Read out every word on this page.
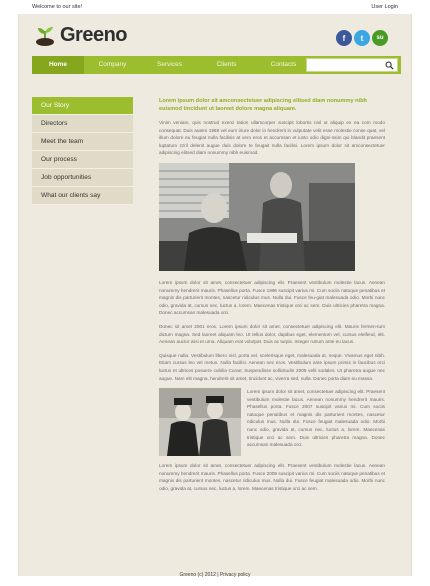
Welcome to our site!	User Login
Greeno	f	t	su
Home	Company	Services	Clients	Contacts
Our Story
Directors
Meet the team
Our process
Job opportunities
What our clients say

Lorem ipsum dolor sit amconsectetuer adipiscing elitsed diam nonummy nibh euismod tincidunt ut laoreet dolore magna aliquam.

Vinim veniam, quis nostrud exerci tation ullamcorper suscipit lobortis nisl ut aliquip ex ea com modo consequat. Duis autem 1968 vel eum iriure dolor in hendrerit in vulputate velit esse molestie conse quat, vel illum dolore eu feugiat nulla facilisis at vero eros et accumsan et iusto odio digni-ssim qui blandit praesent luptatum zzril delenit augue duis dolore te feugait nulla facilisi. Lorem ipsum dolor sit amconsectetuer adipiscing elitsed diam nonummy nibh euismod.

Lorem ipsum dolor sit amet, consectetuer adipiscing elit. Praesent vestibulum molestie lacus. Aenean nonummy hendrerit mauris. Phasellus porta. Fusce 1996 suscipit varius mi. Cum sociis natoque penatibus et magnis dis parturient montes, nascetur ridiculus mus. Nulla dui. Fusce feu-giat malesuada odio. Morbi nunc odio, gravida at, cursus nec, luctus a, lorem. Maecenas tristique orci ac sem. Duis ultricies pharetra magna. Donec accumsan malesuada orci.

Donec sit amet 2001 eros. Lorem ipsum dolor sit amet, consectetuer adipiscing elit. Mauris fermen-tum dictum magna. Sed laoreet aliquam leo. Ut tellus dolor, dapibus eget, elementum vel, cursus eleifend, elit. Aenean auctor wisi et urna. Aliquam erat volutpat. Duis ac turpis. Integer rutrum ante eu lacus.

Quisque nulla. Vestibulum libero nisl, porta vel, scelerisque eget, malesuada at, neque. Vivamus eget nibh. Etiam cursus leo vel metus. Nulla facilisi. Aenean nec eros. Vestibulum ante ipsum primis in faucibus orci luctus et ultrices posuere cubilia Curae; Suspendisse sollicitudin 2005 velit sodales. Ut pharetra augue nec augue. Nam elit magna, hendrerit sit amet, tincidunt ac, viverra sed, nulla. Donec porta diam eu massa.

Lorem ipsum dolor sit amet, consectetuer adipiscing elit. Praesent vestibulum molestie lacus. Aenean nonummy hendrerit mauris. Phasellus porta. Fusce 2007 suscipit varius mi. Cum sociis natoque penatibus et magnis dis parturient montes, nascetur ridiculus mus. Nulla dui. Fusce feugiat malesuada odio. Morbi nunc odio, gravida at, cursus nec, luctus a, lorem. Maecenas tristique orci ac sem. Duis ultricies pharetra magna. Donec accumsan malesuada orci.

Lorem ipsum dolor sit amet, consectetuer adipiscing elit. Praesent vestibulum molestie lacus. Aenean nonummy hendrerit mauris. Phasellus porta. Fusce 2009 suscipit varius mi. Cum sociis natoque penatibus et magnis dis parturient montes, nascetur ridiculus mus. Nulla dui. Fusce feugiat malesuada odio. Morbi nunc odio, gravida at, cursus nec, luctus a, lorem. Maecenas tristique orci ac sem.

Greeno (c) 2012 | Privacy policy
